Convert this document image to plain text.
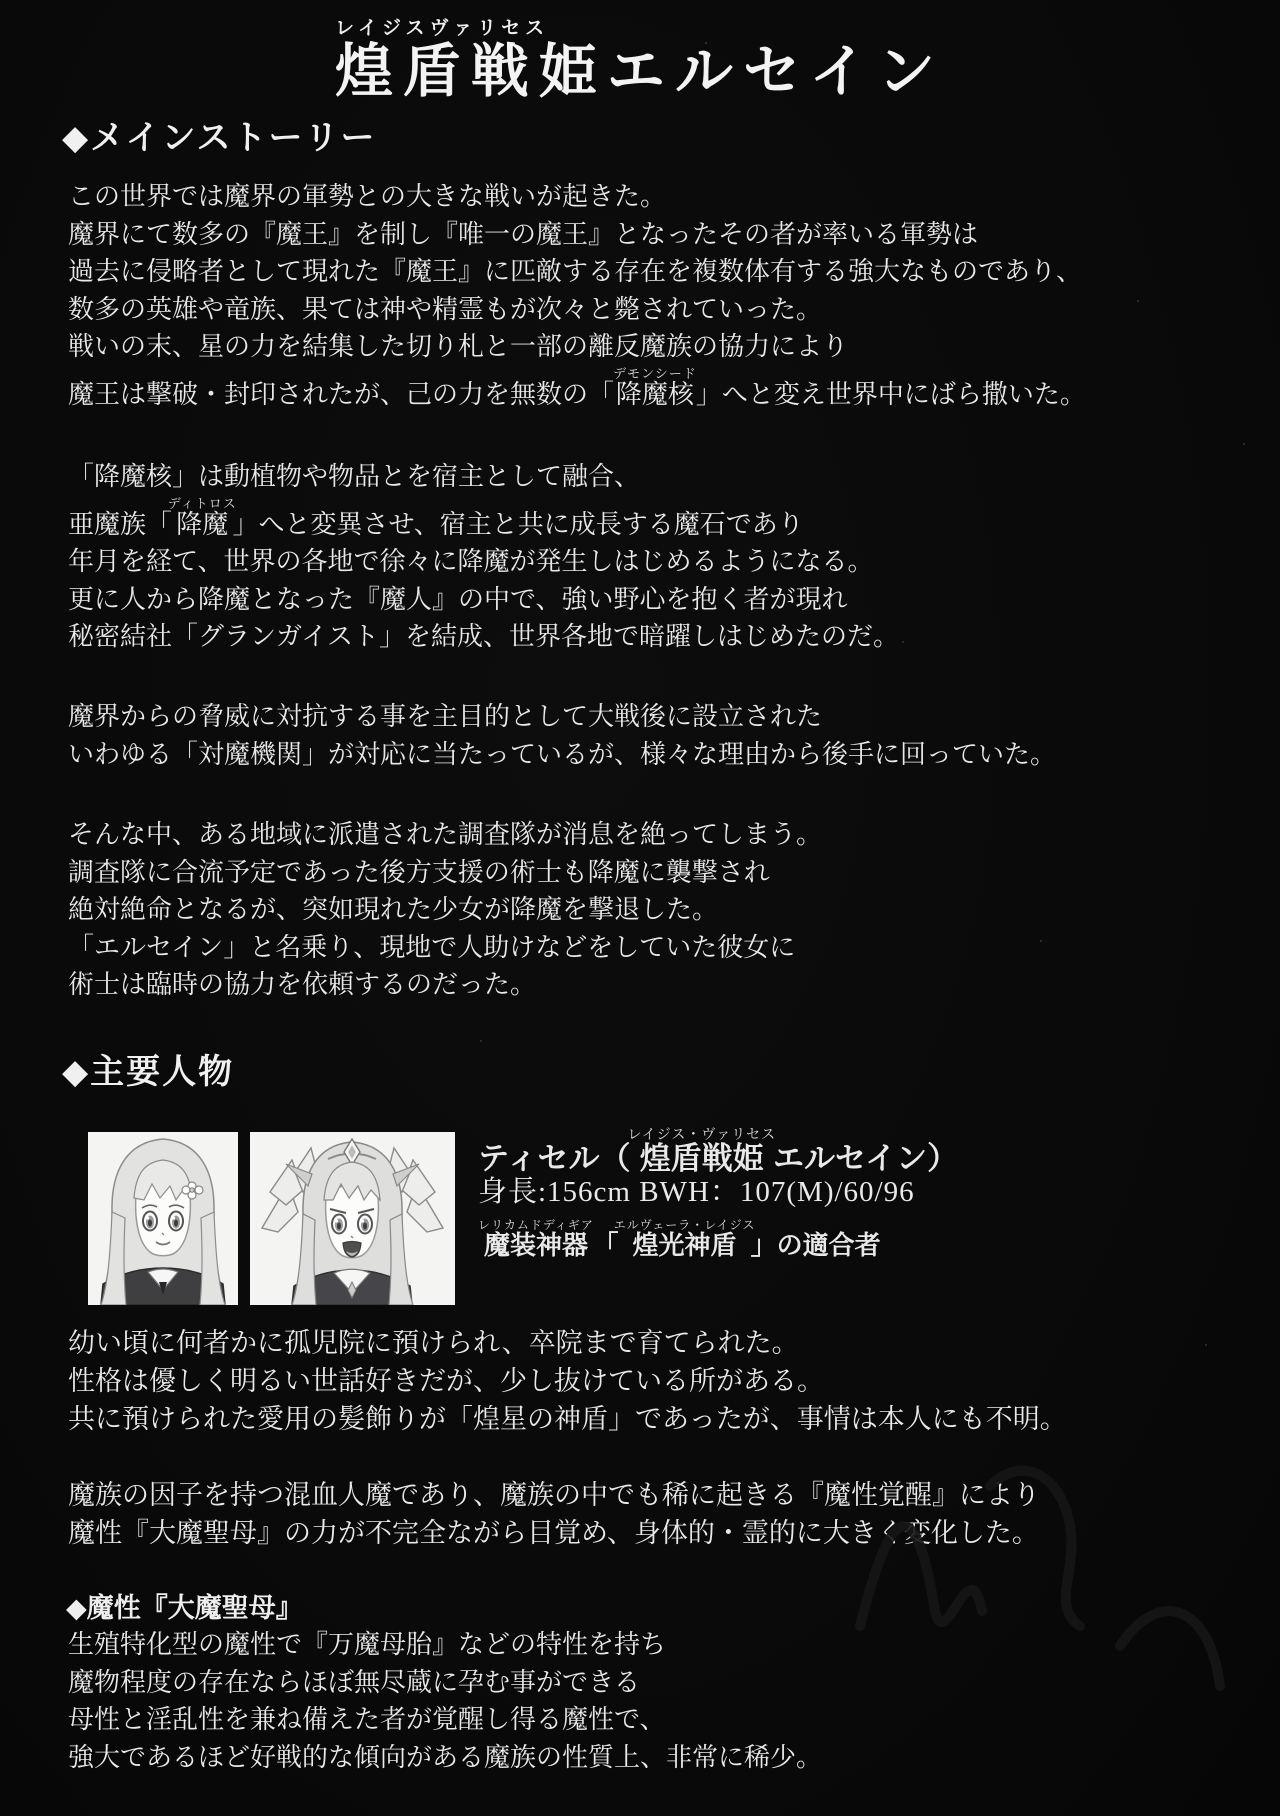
レイジスヴァリセス
煌盾戦姫エルセイン
◆メインストーリー
この世界では魔界の軍勢との大きな戦いが起きた。
魔界にて数多の『魔王』を制し『唯一の魔王』となったその者が率いる軍勢は
過去に侵略者として現れた『魔王』に匹敵する存在を複数体有する強大なものであり、
数多の英雄や竜族、果ては神や精霊もが次々と斃されていった。
戦いの末、星の力を結集した切り札と一部の離反魔族の協力により
魔王は撃破・封印されたが、己の力を無数の「降魔核デモンシード」へと変え世界中にばら撒いた。
「降魔核」は動植物や物品とを宿主として融合、
亜魔族「降魔ディトロス」へと変異させ、宿主と共に成長する魔石であり
年月を経て、世界の各地で徐々に降魔が発生しはじめるようになる。
更に人から降魔となった『魔人』の中で、強い野心を抱く者が現れ
秘密結社「グランガイスト」を結成、世界各地で暗躍しはじめたのだ。
魔界からの脅威に対抗する事を主目的として大戦後に設立された
いわゆる「対魔機関」が対応に当たっているが、様々な理由から後手に回っていた。
そんな中、ある地域に派遣された調査隊が消息を絶ってしまう。
調査隊に合流予定であった後方支援の術士も降魔に襲撃され
絶対絶命となるが、突如現れた少女が降魔を撃退した。
「エルセイン」と名乗り、現地で人助けなどをしていた彼女に
術士は臨時の協力を依頼するのだった。
◆主要人物
ティセル（煌盾戦姫レイジス・ヴァリセスエルセイン）
身長:156cm BWH：107(M)/60/96
魔装神器レリカムドディギア「煌光神盾エルヴェーラ・レイジス」の適合者
幼い頃に何者かに孤児院に預けられ、卒院まで育てられた。
性格は優しく明るい世話好きだが、少し抜けている所がある。
共に預けられた愛用の髪飾りが「煌星の神盾」であったが、事情は本人にも不明。
魔族の因子を持つ混血人魔であり、魔族の中でも稀に起きる『魔性覚醒』により
魔性『大魔聖母』の力が不完全ながら目覚め、身体的・霊的に大きく変化した。
◆魔性『大魔聖母』
生殖特化型の魔性で『万魔母胎』などの特性を持ち
魔物程度の存在ならほぼ無尽蔵に孕む事ができる
母性と淫乱性を兼ね備えた者が覚醒し得る魔性で、
強大であるほど好戦的な傾向がある魔族の性質上、非常に稀少。
